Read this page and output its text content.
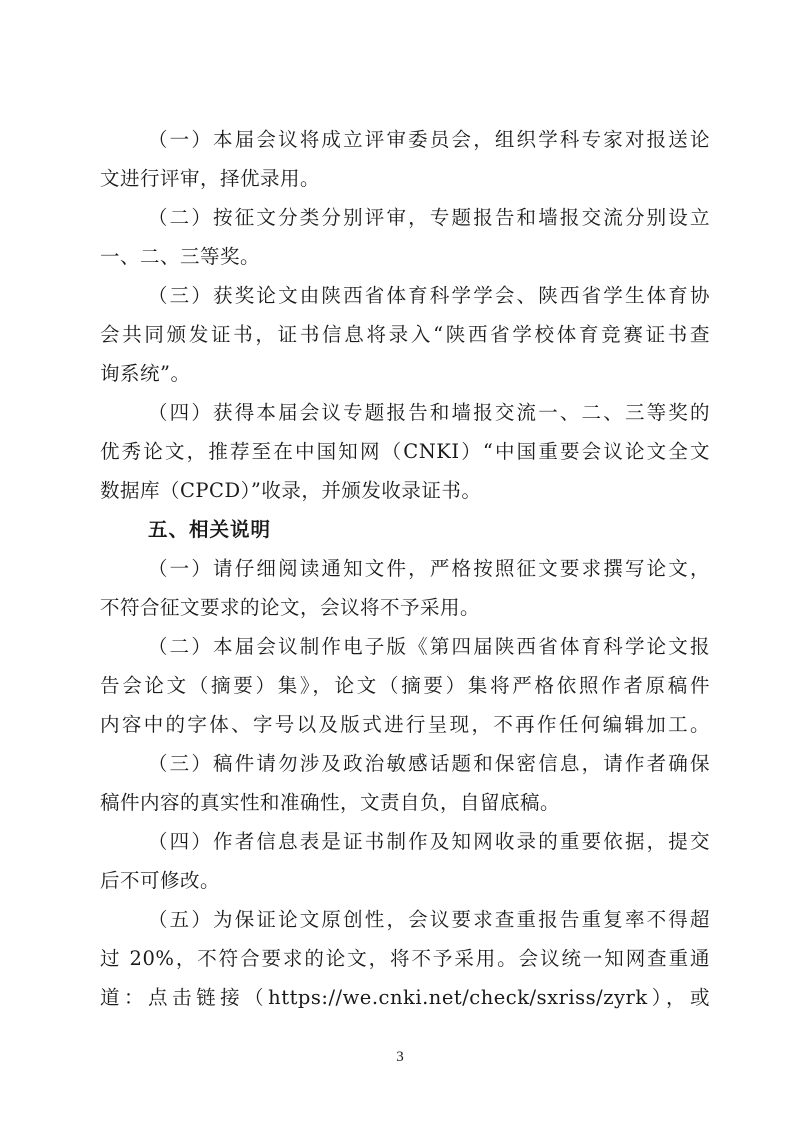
（一）本届会议将成立评审委员会，组织学科专家对报送论
文进行评审，择优录用。
（二）按征文分类分别评审，专题报告和墙报交流分别设立
一、二、三等奖。
（三）获奖论文由陕西省体育科学学会、陕西省学生体育协
会共同颁发证书，证书信息将录入“陕西省学校体育竞赛证书查
询系统”。
（四）获得本届会议专题报告和墙报交流一、二、三等奖的
优秀论文，推荐至在中国知网（CNKI）“中国重要会议论文全文
数据库（CPCD）”收录，并颁发收录证书。
五、相关说明
（一）请仔细阅读通知文件，严格按照征文要求撰写论文，
不符合征文要求的论文，会议将不予采用。
（二）本届会议制作电子版《第四届陕西省体育科学论文报
告会论文（摘要）集》，论文（摘要）集将严格依照作者原稿件
内容中的字体、字号以及版式进行呈现，不再作任何编辑加工。
（三）稿件请勿涉及政治敏感话题和保密信息，请作者确保
稿件内容的真实性和准确性，文责自负，自留底稿。
（四）作者信息表是证书制作及知网收录的重要依据，提交
后不可修改。
（五）为保证论文原创性，会议要求查重报告重复率不得超
过 20%，不符合要求的论文，将不予采用。会议统一知网查重通
道：点击链接（https://we.cnki.net/check/sxriss/zyrk），或
3
